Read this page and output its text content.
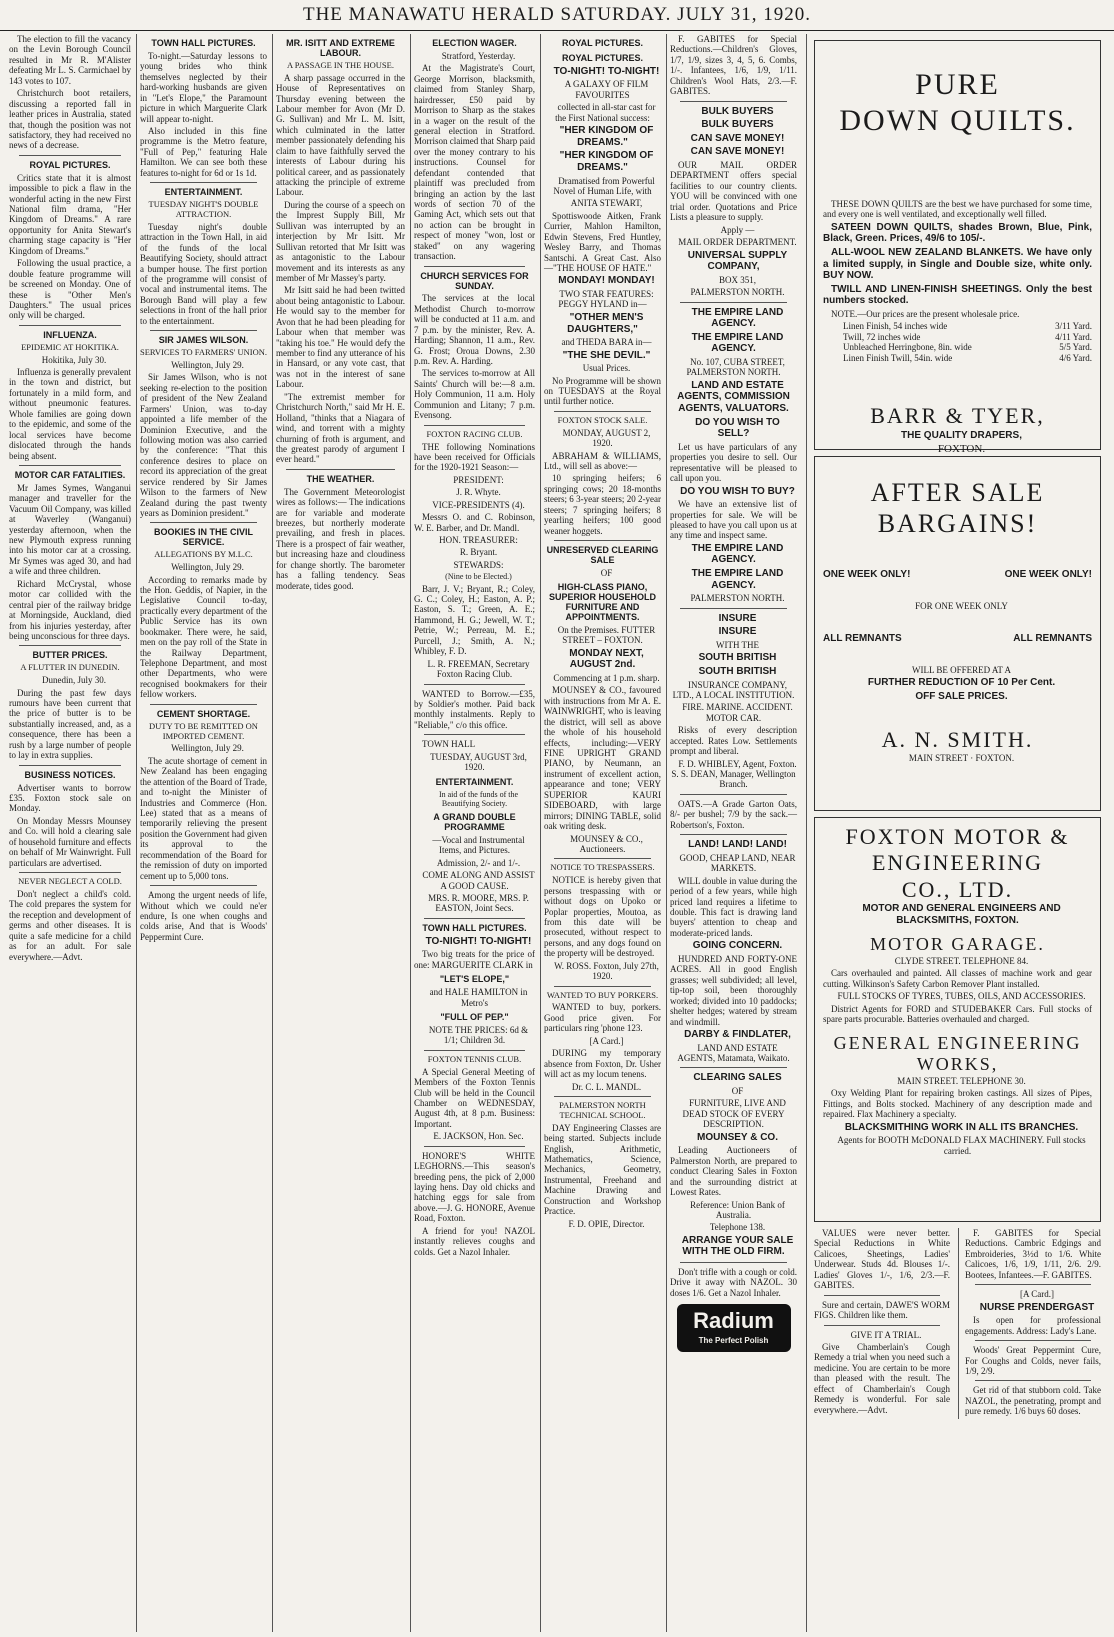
THE MANAWATU HERALD SATURDAY. JULY 31, 1920.

The election to fill the vacancy on the Levin Borough Council resulted in Mr R. M'Alister defeating Mr L. S. Carmichael by 143 votes to 107.

Christchurch boot retailers, discussing a reported fall in leather prices in Australia, stated that, though the position was not satisfactory, they had received no news of a decrease.

ROYAL PICTURES.

Critics state that it is almost impossible to pick a flaw in the wonderful acting in the new First National film drama, "Her Kingdom of Dreams." A rare opportunity for Anita Stewart's charming stage capacity is "Her Kingdom of Dreams."

Following the usual practice, a double feature programme will be screened on Monday. One of these is "Other Men's Daughters." The usual prices only will be charged.

INFLUENZA.
EPIDEMIC AT HOKITIKA.

Hokitika, July 30.

Influenza is generally prevalent in the town and district, but fortunately in a mild form, and without pneumonic features. Whole families are going down to the epidemic, and some of the local services have become dislocated through the hands being absent.

MOTOR CAR FATALITIES.

Mr James Symes, Wanganui manager and traveller for the Vacuum Oil Company, was killed at Waverley (Wanganui) yesterday afternoon, when the new Plymouth express running into his motor car at a crossing. Mr Symes was aged 30, and had a wife and three children.

Richard McCrystal, whose motor car collided with the central pier of the railway bridge at Morningside, Auckland, died from his injuries yesterday, after being unconscious for three days.

BUTTER PRICES.
A FLUTTER IN DUNEDIN.

Dunedin, July 30.

During the past few days rumours have been current that the price of butter is to be substantially increased, and, as a consequence, there has been a rush by a large number of people to lay in extra supplies.

BUSINESS NOTICES.

Advertiser wants to borrow £35. Foxton stock sale on Monday.

On Monday Messrs Mounsey and Co. will hold a clearing sale of household furniture and effects on behalf of Mr Wainwright. Full particulars are advertised.

NEVER NEGLECT A COLD.

Don't neglect a child's cold. The cold prepares the system for the reception and development of germs and other diseases. It is quite a safe medicine for a child as for an adult. For sale everywhere.—Advt.

TOWN HALL PICTURES.

To-night.—Saturday lessons to young brides who think themselves neglected by their hard-working husbands are given in "Let's Elope," the Paramount picture in which Marguerite Clark will appear to-night.

Also included in this fine programme is the Metro feature, "Full of Pep," featuring Hale Hamilton. We can see both these features to-night for 6d or 1s 1d.

ENTERTAINMENT.
TUESDAY NIGHT'S DOUBLE ATTRACTION.

Tuesday night's double attraction in the Town Hall, in aid of the funds of the local Beautifying Society, should attract a bumper house. The first portion of the programme will consist of vocal and instrumental items. The Borough Band will play a few selections in front of the hall prior to the entertainment.

SIR JAMES WILSON.
SERVICES TO FARMERS' UNION.

Wellington, July 29.

Sir James Wilson, who is not seeking re-election to the position of president of the New Zealand Farmers' Union, was to-day appointed a life member of the Dominion Executive, and the following motion was also carried by the conference: "That this conference desires to place on record its appreciation of the great service rendered by Sir James Wilson to the farmers of New Zealand during the past twenty years as Dominion president."

BOOKIES IN THE CIVIL SERVICE.
ALLEGATIONS BY M.L.C.

Wellington, July 29.

According to remarks made by the Hon. Geddis, of Napier, in the Legislative Council to-day, practically every department of the Public Service has its own bookmaker. There were, he said, men on the pay roll of the State in the Railway Department, Telephone Department, and most other Departments, who were recognised bookmakers for their fellow workers.

CEMENT SHORTAGE.
DUTY TO BE REMITTED ON IMPORTED CEMENT.

Wellington, July 29.

The acute shortage of cement in New Zealand has been engaging the attention of the Board of Trade, and to-night the Minister of Industries and Commerce (Hon. Lee) stated that as a means of temporarily relieving the present position the Government had given its approval to the recommendation of the Board for the remission of duty on imported cement up to 5,000 tons.

Among the urgent needs of life, Without which we could ne'er endure, Is one when coughs and colds arise, And that is Woods' Peppermint Cure.

MR. ISITT AND EXTREME LABOUR.
A PASSAGE IN THE HOUSE.

A sharp passage occurred in the House of Representatives on Thursday evening between the Labour member for Avon (Mr D. G. Sullivan) and Mr L. M. Isitt, which culminated in the latter member passionately defending his claim to have faithfully served the interests of Labour during his political career, and as passionately attacking the principle of extreme Labour.

During the course of a speech on the Imprest Supply Bill, Mr Sullivan was interrupted by an interjection by Mr Isitt. Mr Sullivan retorted that Mr Isitt was as antagonistic to the Labour movement and its interests as any member of Mr Massey's party.

Mr Isitt said he had been twitted about being antagonistic to Labour. He would say to the member for Avon that he had been pleading for Labour when that member was "taking his toe." He would defy the member to find any utterance of his in Hansard, or any vote cast, that was not in the interest of sane Labour.

"The extremist member for Christchurch North," said Mr H. E. Holland, "thinks that a Niagara of wind, and torrent with a mighty churning of froth is argument, and the greatest parody of argument I ever heard."

THE WEATHER.

The Government Meteorologist wires as follows:— The indications are for variable and moderate breezes, but northerly moderate prevailing, and fresh in places. There is a prospect of fair weather, but increasing haze and cloudiness for change shortly. The barometer has a falling tendency. Seas moderate, tides good.

ELECTION WAGER.

Stratford, Yesterday.

At the Magistrate's Court, George Morrison, blacksmith, claimed from Stanley Sharp, hairdresser, £50 paid by Morrison to Sharp as the stakes in a wager on the result of the general election in Stratford. Morrison claimed that Sharp paid over the money contrary to his instructions. Counsel for defendant contended that plaintiff was precluded from bringing an action by the last words of section 70 of the Gaming Act, which sets out that no action can be brought in respect of money "won, lost or staked" on any wagering transaction.

CHURCH SERVICES FOR SUNDAY.

The services at the local Methodist Church to-morrow will be conducted at 11 a.m. and 7 p.m. by the minister, Rev. A. Harding; Shannon, 11 a.m., Rev. G. Frost; Oroua Downs, 2.30 p.m. Rev. A. Harding.

The services to-morrow at All Saints' Church will be:—8 a.m. Holy Communion, 11 a.m. Holy Communion and Litany; 7 p.m. Evensong.

FOXTON RACING CLUB.

THE following Nominations have been received for Officials for the 1920-1921 Season:—

PRESIDENT:

J. R. Whyte.

VICE-PRESIDENTS (4).

Messrs O. and C. Robinson, W. E. Barber, and Dr. Mandl.

HON. TREASURER:

R. Bryant.

STEWARDS:

(Nine to be Elected.)

Barr, J. V.; Bryant, R.; Coley, G. C.; Coley, H.; Easton, A. P.; Easton, S. T.; Green, A. E.; Hammond, H. G.; Jewell, W. T.; Petrie, W.; Perreau, M. E.; Purcell, J.; Smith, A. N.; Whibley, F. D.

L. R. FREEMAN, Secretary Foxton Racing Club.

WANTED to Borrow.—£35, by Soldier's mother. Paid back monthly instalments. Reply to "Reliable," c/o this office.

TOWN HALL

TUESDAY, AUGUST 3rd, 1920.

ENTERTAINMENT.

In aid of the funds of the Beautifying Society.

A GRAND DOUBLE PROGRAMME

—Vocal and Instrumental Items, and Pictures.

Admission, 2/- and 1/-.

COME ALONG AND ASSIST A GOOD CAUSE.

MRS. R. MOORE, MRS. P. EASTON, Joint Secs.

TOWN HALL PICTURES.

TO-NIGHT! TO-NIGHT!

Two big treats for the price of one: MARGUERITE CLARK in

"LET'S ELOPE,"

and HALE HAMILTON in Metro's

"FULL OF PEP."

NOTE THE PRICES: 6d & 1/1; Children 3d.

FOXTON TENNIS CLUB.

A Special General Meeting of Members of the Foxton Tennis Club will be held in the Council Chamber on WEDNESDAY, August 4th, at 8 p.m. Business: Important.

E. JACKSON, Hon. Sec.

HONORE'S WHITE LEGHORNS.—This season's breeding pens, the pick of 2,000 laying hens. Day old chicks and hatching eggs for sale from above.—J. G. HONORE, Avenue Road, Foxton.

A friend for you! NAZOL instantly relieves coughs and colds. Get a Nazol Inhaler.

ROYAL PICTURES.
ROYAL PICTURES.

TO-NIGHT! TO-NIGHT!

A GALAXY OF FILM FAVOURITES

collected in all-star cast for the First National success:

"HER KINGDOM OF DREAMS."

"HER KINGDOM OF DREAMS."

Dramatised from Powerful Novel of Human Life, with

ANITA STEWART,

Spottiswoode Aitken, Frank Currier, Mahlon Hamilton, Edwin Stevens, Fred Huntley, Wesley Barry, and Thomas Santschi. A Great Cast. Also—"THE HOUSE OF HATE."

MONDAY! MONDAY!

TWO STAR FEATURES: PEGGY HYLAND in—

"OTHER MEN'S DAUGHTERS,"

and THEDA BARA in—

"THE SHE DEVIL."

Usual Prices.

No Programme will be shown on TUESDAYS at the Royal until further notice.

FOXTON STOCK SALE.

MONDAY, AUGUST 2, 1920.

ABRAHAM & WILLIAMS, Ltd., will sell as above:—

10 springing heifers; 6 springing cows; 20 18-months steers; 6 3-year steers; 20 2-year steers; 7 springing heifers; 8 yearling heifers; 100 good weaner hoggets.

UNRESERVED CLEARING SALE

OF

HIGH-CLASS PIANO, SUPERIOR HOUSEHOLD FURNITURE AND APPOINTMENTS.

On the Premises. FUTTER STREET – FOXTON.

MONDAY NEXT, AUGUST 2nd.

Commencing at 1 p.m. sharp.

MOUNSEY & CO., favoured with instructions from Mr A. E. WAINWRIGHT, who is leaving the district, will sell as above the whole of his household effects, including:—VERY FINE UPRIGHT GRAND PIANO, by Neumann, an instrument of excellent action, appearance and tone; VERY SUPERIOR KAURI SIDEBOARD, with large mirrors; DINING TABLE, solid oak writing desk.

MOUNSEY & CO., Auctioneers.

NOTICE TO TRESPASSERS.

NOTICE is hereby given that persons trespassing with or without dogs on Upoko or Poplar properties, Moutoa, as from this date will be prosecuted, without respect to persons, and any dogs found on the property will be destroyed.

W. ROSS. Foxton, July 27th, 1920.

WANTED TO BUY PORKERS.

WANTED to buy, porkers. Good price given. For particulars ring 'phone 123.

[A Card.]

DURING my temporary absence from Foxton, Dr. Usher will act as my locum tenens.

Dr. C. L. MANDL.

PALMERSTON NORTH TECHNICAL SCHOOL.

DAY Engineering Classes are being started. Subjects include English, Arithmetic, Mathematics, Science, Mechanics, Geometry, Instrumental, Freehand and Machine Drawing and Construction and Workshop Practice.

F. D. OPIE, Director.

F. GABITES for Special Reductions.—Children's Gloves, 1/7, 1/9, sizes 3, 4, 5, 6. Combs, 1/-. Infantees, 1/6, 1/9, 1/11. Children's Wool Hats, 2/3.—F. GABITES.

BULK BUYERS

BULK BUYERS

CAN SAVE MONEY!

CAN SAVE MONEY!

OUR MAIL ORDER DEPARTMENT offers special facilities to our country clients. YOU will be convinced with one trial order. Quotations and Price Lists a pleasure to supply.

Apply —

MAIL ORDER DEPARTMENT.

UNIVERSAL SUPPLY COMPANY,

BOX 351,

PALMERSTON NORTH.

THE EMPIRE LAND AGENCY.

THE EMPIRE LAND AGENCY.

No. 107, CUBA STREET, PALMERSTON NORTH.

LAND AND ESTATE AGENTS, COMMISSION AGENTS, VALUATORS.

DO YOU WISH TO SELL?

Let us have particulars of any properties you desire to sell. Our representative will be pleased to call upon you.

DO YOU WISH TO BUY?

We have an extensive list of properties for sale. We will be pleased to have you call upon us at any time and inspect same.

THE EMPIRE LAND AGENCY.

THE EMPIRE LAND AGENCY.

PALMERSTON NORTH.

INSURE

INSURE

WITH THE

SOUTH BRITISH

SOUTH BRITISH

INSURANCE COMPANY, LTD., A LOCAL INSTITUTION.

FIRE. MARINE. ACCIDENT. MOTOR CAR.

Risks of every description accepted. Rates Low. Settlements prompt and liberal.

F. D. WHIBLEY, Agent, Foxton. S. S. DEAN, Manager, Wellington Branch.

OATS.—A Grade Garton Oats, 8/- per bushel; 7/9 by the sack.—Robertson's, Foxton.

LAND! LAND! LAND!

GOOD, CHEAP LAND, NEAR MARKETS.

WILL double in value during the period of a few years, while high priced land requires a lifetime to double. This fact is drawing land buyers' attention to cheap and moderate-priced lands.

GOING CONCERN.

HUNDRED AND FORTY-ONE ACRES. All in good English grasses; well subdivided; all level, tip-top soil, been thoroughly worked; divided into 10 paddocks; shelter hedges; watered by stream and windmill.

DARBY & FINDLATER,

LAND AND ESTATE AGENTS, Matamata, Waikato.

CLEARING SALES

OF

FURNITURE, LIVE AND DEAD STOCK OF EVERY DESCRIPTION.

MOUNSEY & CO.

Leading Auctioneers of Palmerston North, are prepared to conduct Clearing Sales in Foxton and the surrounding district at Lowest Rates.

Reference: Union Bank of Australia.

Telephone 138.

ARRANGE YOUR SALE WITH THE OLD FIRM.

Don't trifle with a cough or cold. Drive it away with NAZOL. 30 doses 1/6. Get a Nazol Inhaler.

Radium
The Perfect Polish
PURE
DOWN QUILTS.

THESE DOWN QUILTS are the best we have purchased for some time, and every one is well ventilated, and exceptionally well filled.

SATEEN DOWN QUILTS, shades Brown, Blue, Pink, Black, Green. Prices, 49/6 to 105/-.

ALL-WOOL NEW ZEALAND BLANKETS. We have only a limited supply, in Single and Double size, white only. BUY NOW.

TWILL AND LINEN-FINISH SHEETINGS. Only the best numbers stocked.

NOTE.—Our prices are the present wholesale price.

Linen Finish, 54 inches wide	3/11 Yard.
Twill, 72 inches wide	4/11 Yard.
Unbleached Herringbone, 8in. wide	5/5 Yard.
Linen Finish Twill, 54in. wide	4/6 Yard.
BARR & TYER,

THE QUALITY DRAPERS,

FOXTON.

AFTER SALE
BARGAINS!
ONE WEEK ONLY!	ONE WEEK ONLY!

FOR ONE WEEK ONLY

ALL REMNANTS	ALL REMNANTS

WILL BE OFFERED AT A

FURTHER REDUCTION OF 10 Per Cent.

OFF SALE PRICES.

A. N. SMITH.

MAIN STREET · FOXTON.

FOXTON MOTOR &
ENGINEERING
CO., LTD.

MOTOR AND GENERAL ENGINEERS AND BLACKSMITHS, FOXTON.

MOTOR GARAGE.

CLYDE STREET. TELEPHONE 84.

Cars overhauled and painted. All classes of machine work and gear cutting. Wilkinson's Safety Carbon Remover Plant installed.

FULL STOCKS OF TYRES, TUBES, OILS, AND ACCESSORIES.

District Agents for FORD and STUDEBAKER Cars. Full stocks of spare parts procurable. Batteries overhauled and charged.

GENERAL ENGINEERING
WORKS,

MAIN STREET. TELEPHONE 30.

Oxy Welding Plant for repairing broken castings. All sizes of Pipes, Fittings, and Bolts stocked. Machinery of any description made and repaired. Flax Machinery a specialty.

BLACKSMITHING WORK IN ALL ITS BRANCHES.

Agents for BOOTH McDONALD FLAX MACHINERY. Full stocks carried.

VALUES were never better. Special Reductions in White Calicoes, Sheetings, Ladies' Underwear. Studs 4d. Blouses 1/-. Ladies' Gloves 1/-, 1/6, 2/3.—F. GABITES.

Sure and certain, DAWE'S WORM FIGS. Children like them.

GIVE IT A TRIAL.

Give Chamberlain's Cough Remedy a trial when you need such a medicine. You are certain to be more than pleased with the result. The effect of Chamberlain's Cough Remedy is wonderful. For sale everywhere.—Advt.

F. GABITES for Special Reductions. Cambric Edgings and Embroideries, 3½d to 1/6. White Calicoes, 1/6, 1/9, 1/11, 2/6. 2/9. Bootees, Infantees.—F. GABITES.

[A Card.]

NURSE PRENDERGAST

Is open for professional engagements. Address: Lady's Lane.

Woods' Great Peppermint Cure, For Coughs and Colds, never fails, 1/9, 2/9.

Get rid of that stubborn cold. Take NAZOL, the penetrating, prompt and pure remedy. 1/6 buys 60 doses.
